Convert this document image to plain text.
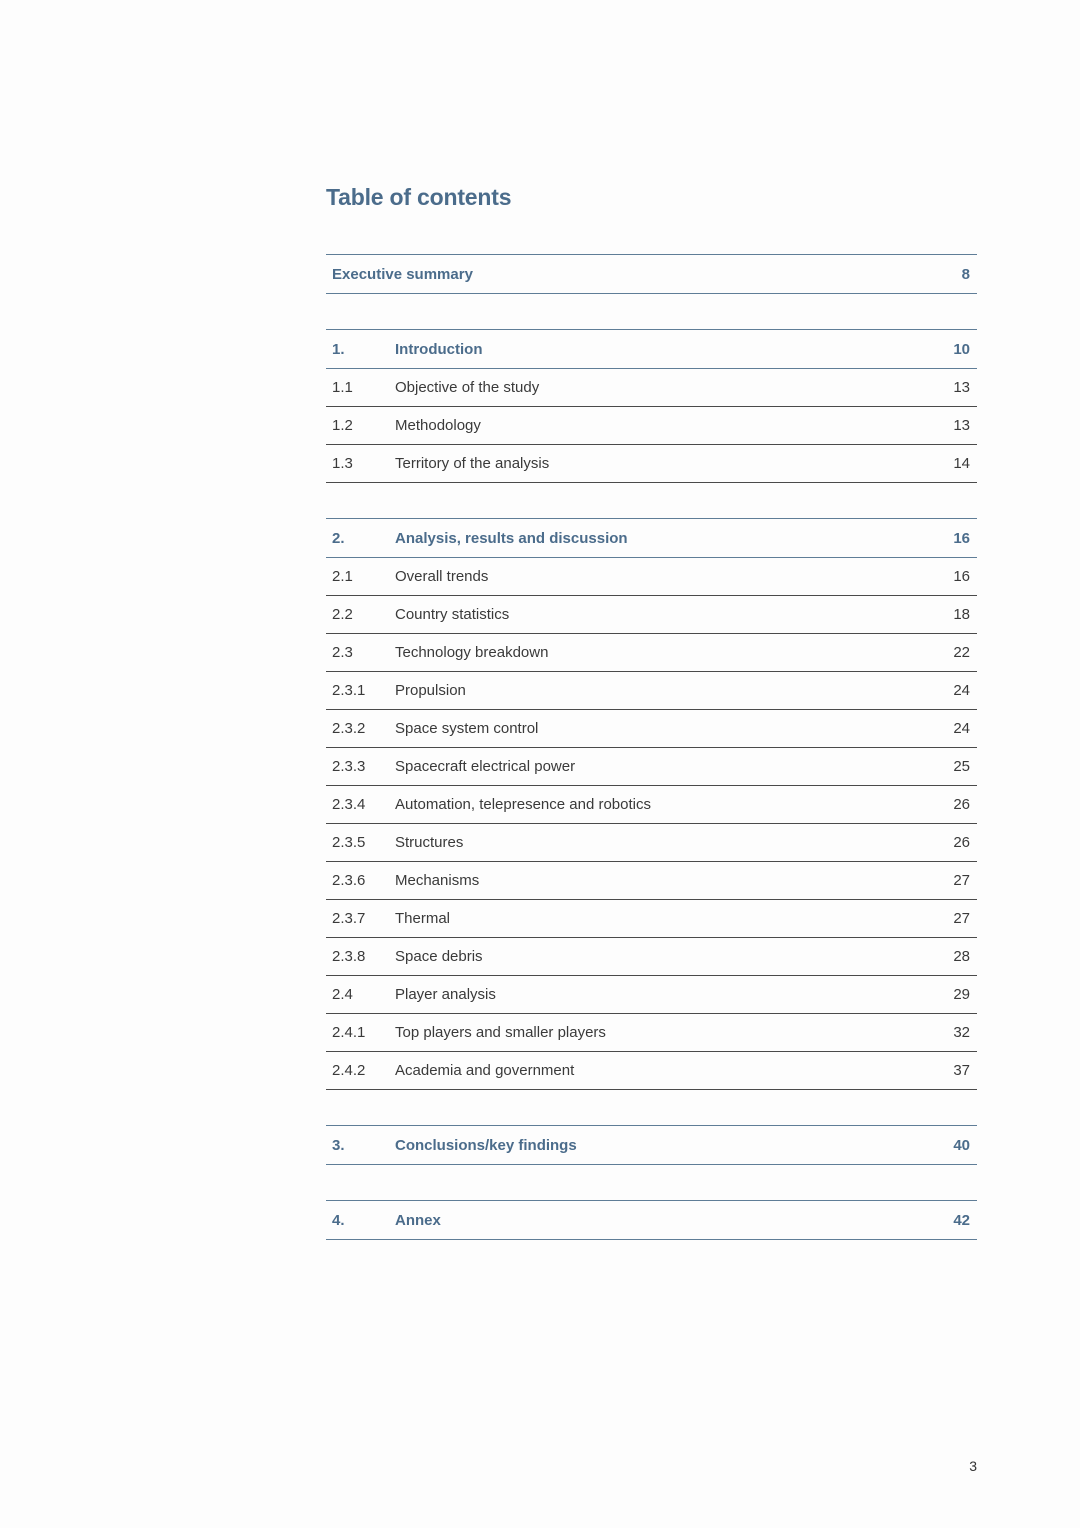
Table of contents
Executive summary	8
1.	Introduction	10
1.1	Objective of the study	13
1.2	Methodology	13
1.3	Territory of the analysis	14
2.	Analysis, results and discussion	16
2.1	Overall trends	16
2.2	Country statistics	18
2.3	Technology breakdown	22
2.3.1	Propulsion	24
2.3.2	Space system control	24
2.3.3	Spacecraft electrical power	25
2.3.4	Automation, telepresence and robotics	26
2.3.5	Structures	26
2.3.6	Mechanisms	27
2.3.7	Thermal	27
2.3.8	Space debris	28
2.4	Player analysis	29
2.4.1	Top players and smaller players	32
2.4.2	Academia and government	37
3.	Conclusions/key findings	40
4.	Annex	42
3
